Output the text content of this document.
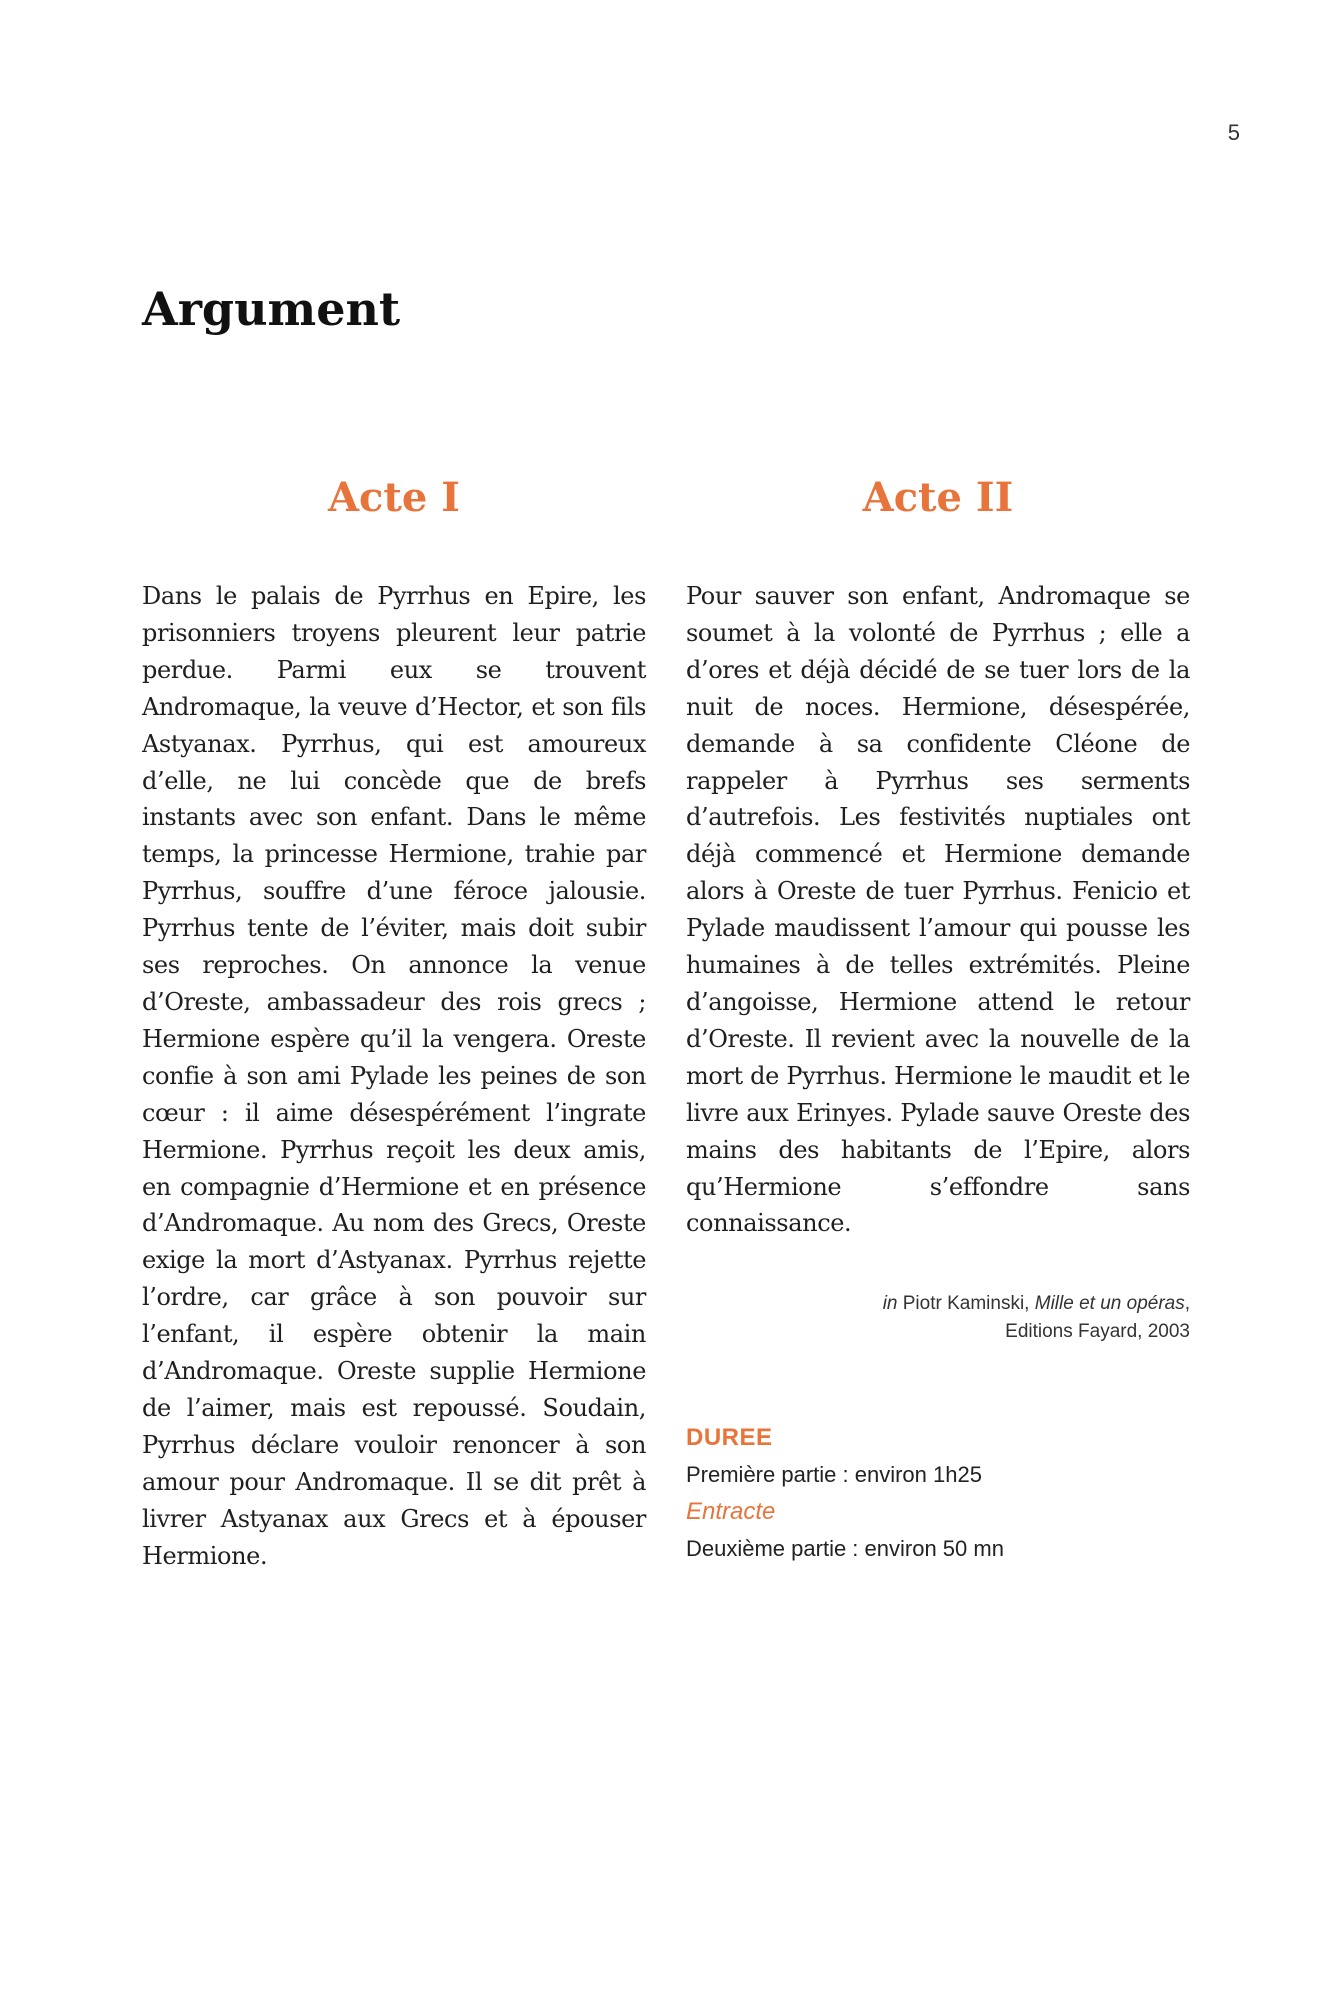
5
Argument
Acte I

Dans le palais de Pyrrhus en Epire, les prisonniers troyens pleurent leur patrie perdue. Parmi eux se trouvent Andromaque, la veuve d’Hector, et son fils Astyanax. Pyrrhus, qui est amoureux d’elle, ne lui concède que de brefs instants avec son enfant. Dans le même temps, la princesse Hermione, trahie par Pyrrhus, souffre d’une féroce jalousie. Pyrrhus tente de l’éviter, mais doit subir ses reproches. On annonce la venue d’Oreste, ambassadeur des rois grecs ; Hermione espère qu’il la vengera. Oreste confie à son ami Pylade les peines de son cœur : il aime désespérément l’ingrate Hermione. Pyrrhus reçoit les deux amis, en compagnie d’Hermione et en présence d’Andromaque. Au nom des Grecs, Oreste exige la mort d’Astyanax. Pyrrhus rejette l’ordre, car grâce à son pouvoir sur l’enfant, il espère obtenir la main d’Andromaque. Oreste supplie Hermione de l’aimer, mais est repoussé. Soudain, Pyrrhus déclare vouloir renoncer à son amour pour Andromaque. Il se dit prêt à livrer Astyanax aux Grecs et à épouser Hermione.

Acte II

Pour sauver son enfant, Andromaque se soumet à la volonté de Pyrrhus ; elle a d’ores et déjà décidé de se tuer lors de la nuit de noces. Hermione, désespérée, demande à sa confidente Cléone de rappeler à Pyrrhus ses serments d’autrefois. Les festivités nuptiales ont déjà commencé et Hermione demande alors à Oreste de tuer Pyrrhus. Fenicio et Pylade maudissent l’amour qui pousse les humaines à de telles extrémités. Pleine d’angoisse, Hermione attend le retour d’Oreste. Il revient avec la nouvelle de la mort de Pyrrhus. Hermione le maudit et le livre aux Erinyes. Pylade sauve Oreste des mains des habitants de l’Epire, alors qu’Hermione s’effondre sans connaissance.

in Piotr Kaminski, Mille et un opéras,
Editions Fayard, 2003
DUREE
Première partie : environ 1h25
Entracte
Deuxième partie : environ 50 mn
